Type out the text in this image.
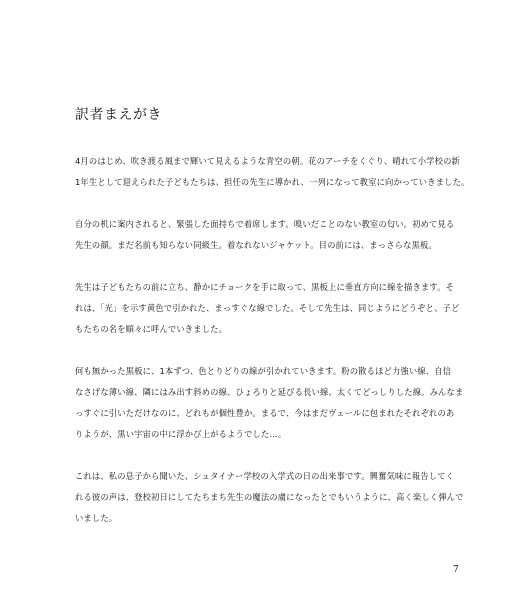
訳者まえがき
4月のはじめ、吹き渡る風まで輝いて見えるような青空の朝。花のアーチをくぐり、晴れて小学校の新
1年生として迎えられた子どもたちは、担任の先生に導かれ、一列になって教室に向かっていきました。
自分の机に案内されると、緊張した面持ちで着席します。嗅いだことのない教室の匂い。初めて見る
先生の顔。まだ名前も知らない同級生。着なれないジャケット。目の前には、まっさらな黒板。
先生は子どもたちの前に立ち、静かにチョークを手に取って、黒板上に垂直方向に線を描きます。そ
れは、「光」を示す黄色で引かれた、まっすぐな線でした。そして先生は、同じようにどうぞと、子ど
もたちの名を順々に呼んでいきました。
何も無かった黒板に、1本ずつ、色とりどりの線が引かれていきます。粉の散るほど力強い線、自信
なさげな薄い線、隣にはみ出す斜めの線、ひょろりと延びる長い線、太くてどっしりした線。みんなま
っすぐに引いただけなのに、どれもが個性豊か。まるで、今はまだヴェールに包まれたそれぞれのあ
りようが、黒い宇宙の中に浮かび上がるようでした…。
これは、私の息子から聞いた、シュタイナー学校の入学式の日の出来事です。興奮気味に報告してく
れる彼の声は、登校初日にしてたちまち先生の魔法の虜になったとでもいうように、高く楽しく弾んで
いました。
7
